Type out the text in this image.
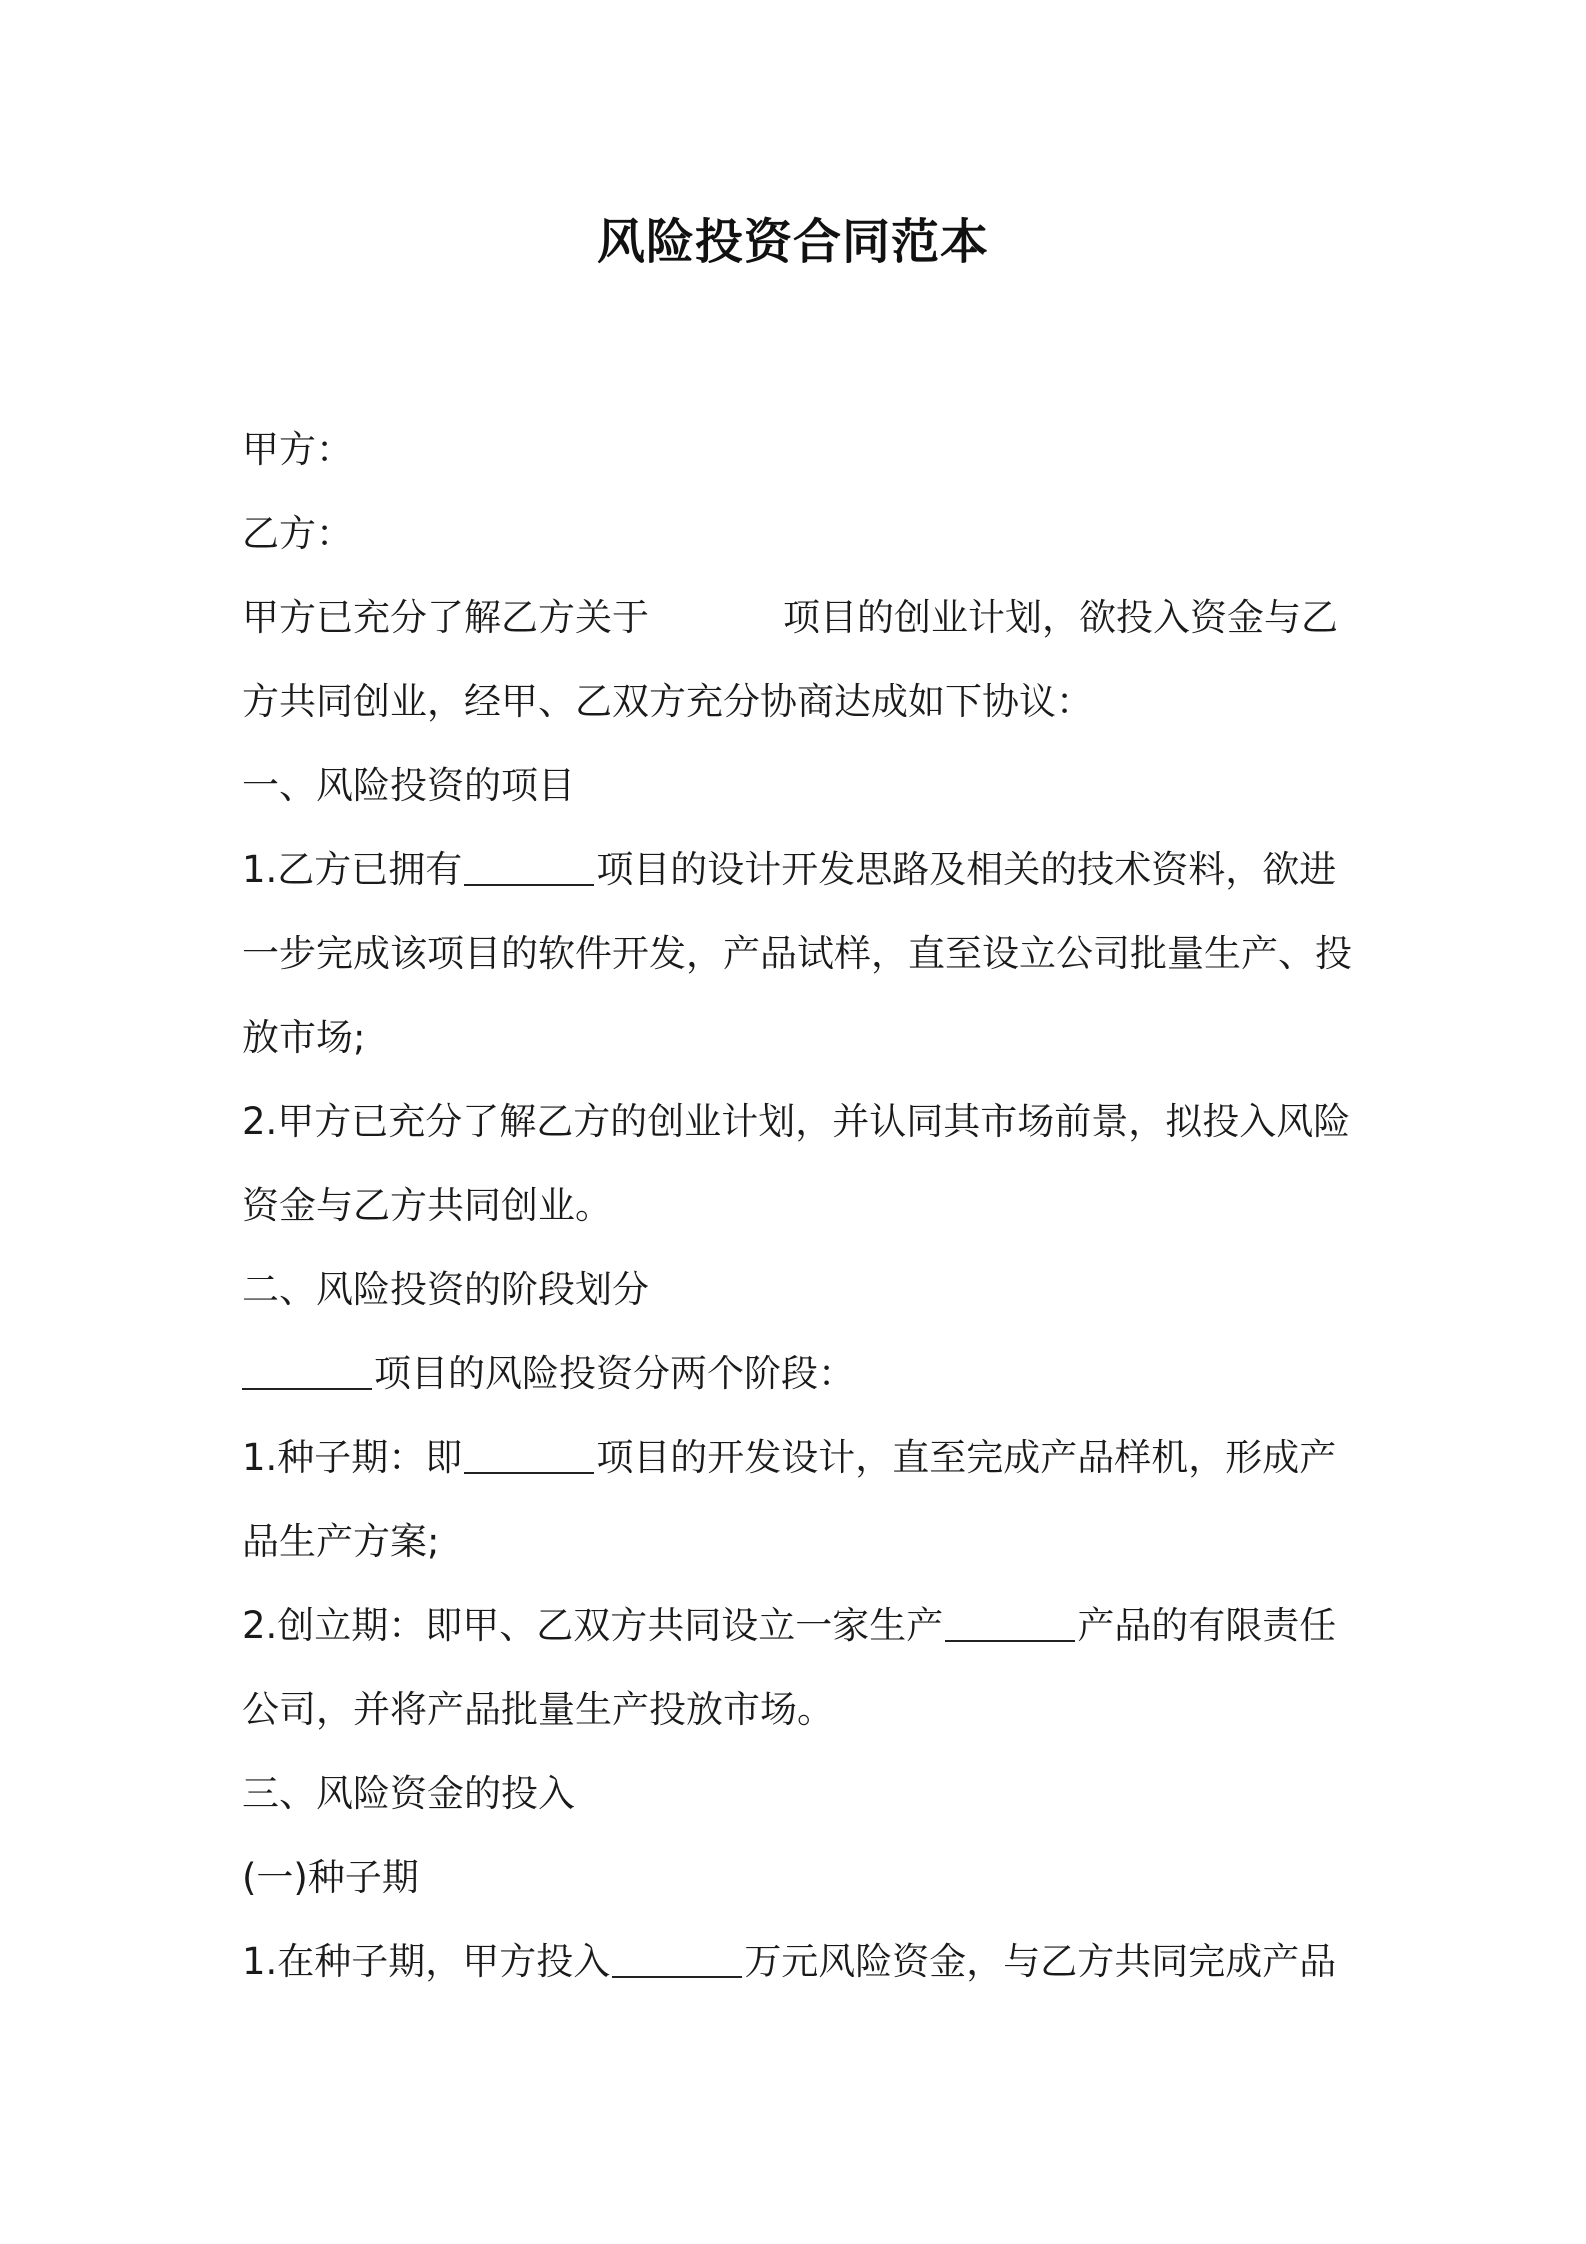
风险投资合同范本
甲方：
乙方：
甲方已充分了解乙方关于	项目的创业计划，欲投入资金与乙
方共同创业，经甲、乙双方充分协商达成如下协议：
一、风险投资的项目
1.乙方已拥有	项目的设计开发思路及相关的技术资料，欲进
一步完成该项目的软件开发，产品试样，直至设立公司批量生产、投
放市场;
2.甲方已充分了解乙方的创业计划，并认同其市场前景，拟投入风险
资金与乙方共同创业。
二、风险投资的阶段划分
项目的风险投资分两个阶段：
1.种子期：即	项目的开发设计，直至完成产品样机，形成产
品生产方案;
2.创立期：即甲、乙双方共同设立一家生产	产品的有限责任
公司，并将产品批量生产投放市场。
三、风险资金的投入
(一)种子期
1.在种子期，甲方投入	万元风险资金，与乙方共同完成产品
